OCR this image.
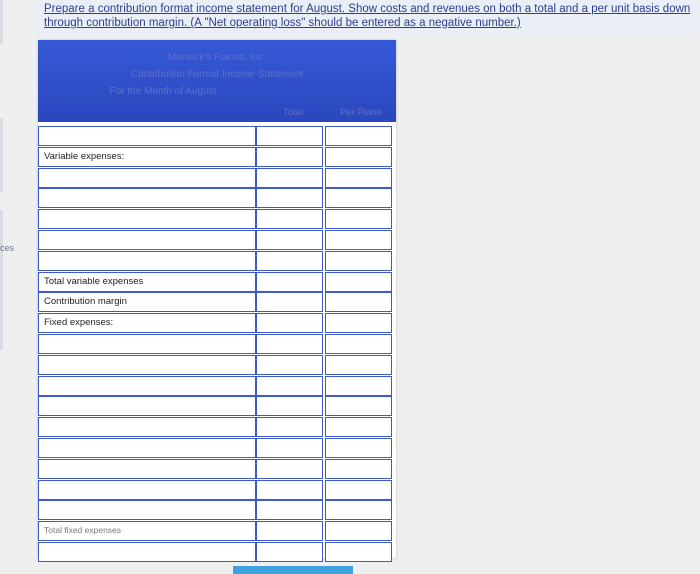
ces
Prepare a contribution format income statement for August. Show costs and revenues on both a total and a per unit basis down
through contribution margin. (A "Net operating loss" should be entered as a negative number.)
Marwick's Pianos, Inc.
Contribution Format Income Statement
For the Month of August
Total	Per Piano
Variable expenses:
Total variable expenses
Contribution margin
Fixed expenses:
Total fixed expenses
